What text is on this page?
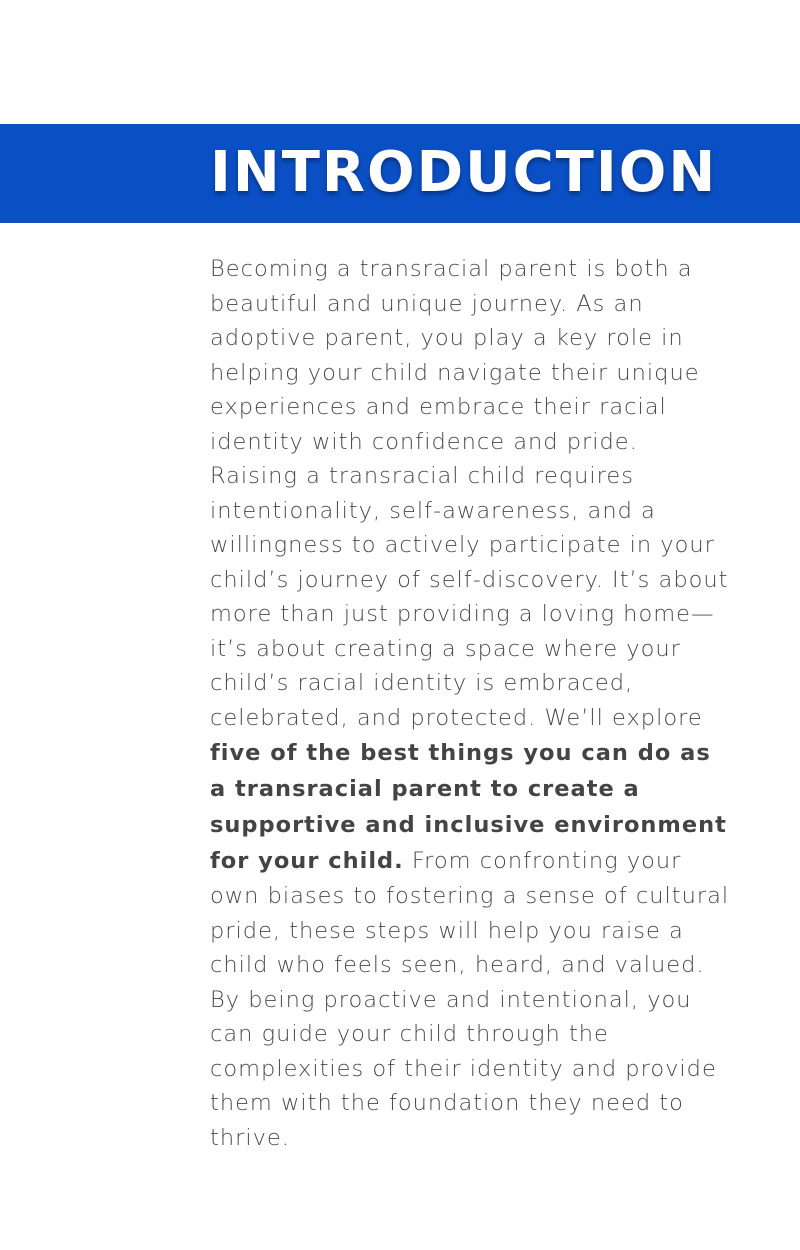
INTRODUCTION

Becoming a transracial parent is both a beautiful and unique journey. As an adoptive parent, you play a key role in helping your child navigate their unique experiences and embrace their racial identity with confidence and pride. Raising a transracial child requires intentionality, self-awareness, and a willingness to actively participate in your child’s journey of self-discovery. It’s about more than just providing a loving home—it’s about creating a space where your child’s racial identity is embraced, celebrated, and protected. We’ll explore five of the best things you can do as a transracial parent to create a supportive and inclusive environment for your child. From confronting your own biases to fostering a sense of cultural pride, these steps will help you raise a child who feels seen, heard, and valued. By being proactive and intentional, you can guide your child through the complexities of their identity and provide them with the foundation they need to thrive.
